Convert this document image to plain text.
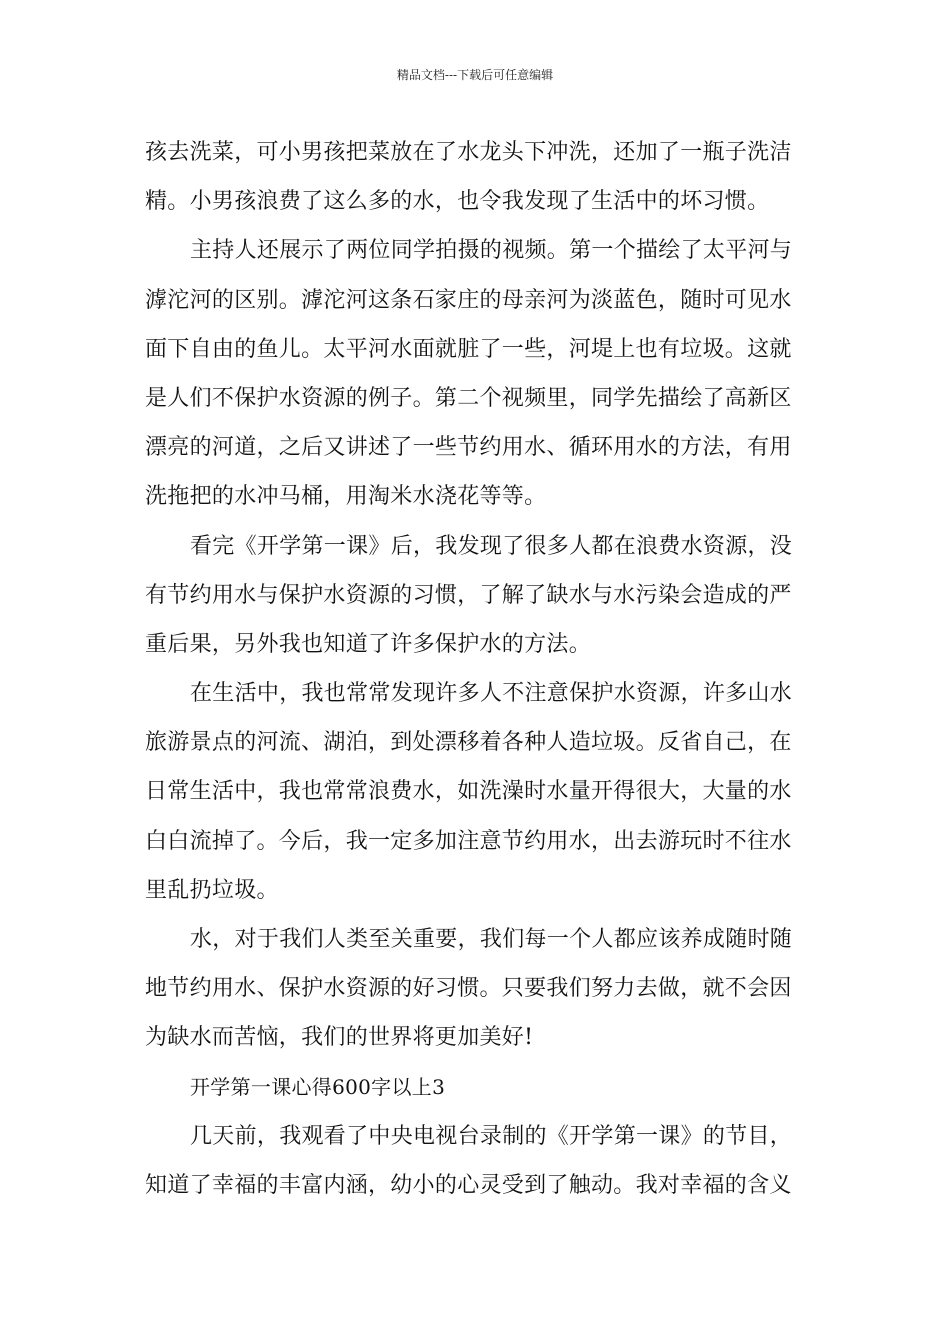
精品文档---下载后可任意编辑
孩去洗菜，可小男孩把菜放在了水龙头下冲洗，还加了一瓶子洗洁
精。小男孩浪费了这么多的水，也令我发现了生活中的坏习惯。
主持人还展示了两位同学拍摄的视频。第一个描绘了太平河与
滹沱河的区别。滹沱河这条石家庄的母亲河为淡蓝色，随时可见水
面下自由的鱼儿。太平河水面就脏了一些，河堤上也有垃圾。这就
是人们不保护水资源的例子。第二个视频里，同学先描绘了高新区
漂亮的河道，之后又讲述了一些节约用水、循环用水的方法，有用
洗拖把的水冲马桶，用淘米水浇花等等。
看完《开学第一课》后，我发现了很多人都在浪费水资源，没
有节约用水与保护水资源的习惯，了解了缺水与水污染会造成的严
重后果，另外我也知道了许多保护水的方法。
在生活中，我也常常发现许多人不注意保护水资源，许多山水
旅游景点的河流、湖泊，到处漂移着各种人造垃圾。反省自己，在
日常生活中，我也常常浪费水，如洗澡时水量开得很大，大量的水
白白流掉了。今后，我一定多加注意节约用水，出去游玩时不往水
里乱扔垃圾。
水，对于我们人类至关重要，我们每一个人都应该养成随时随
地节约用水、保护水资源的好习惯。只要我们努力去做，就不会因
为缺水而苦恼，我们的世界将更加美好!
开学第一课心得600字以上3
几天前，我观看了中央电视台录制的《开学第一课》的节目，
知道了幸福的丰富内涵，幼小的心灵受到了触动。我对幸福的含义
